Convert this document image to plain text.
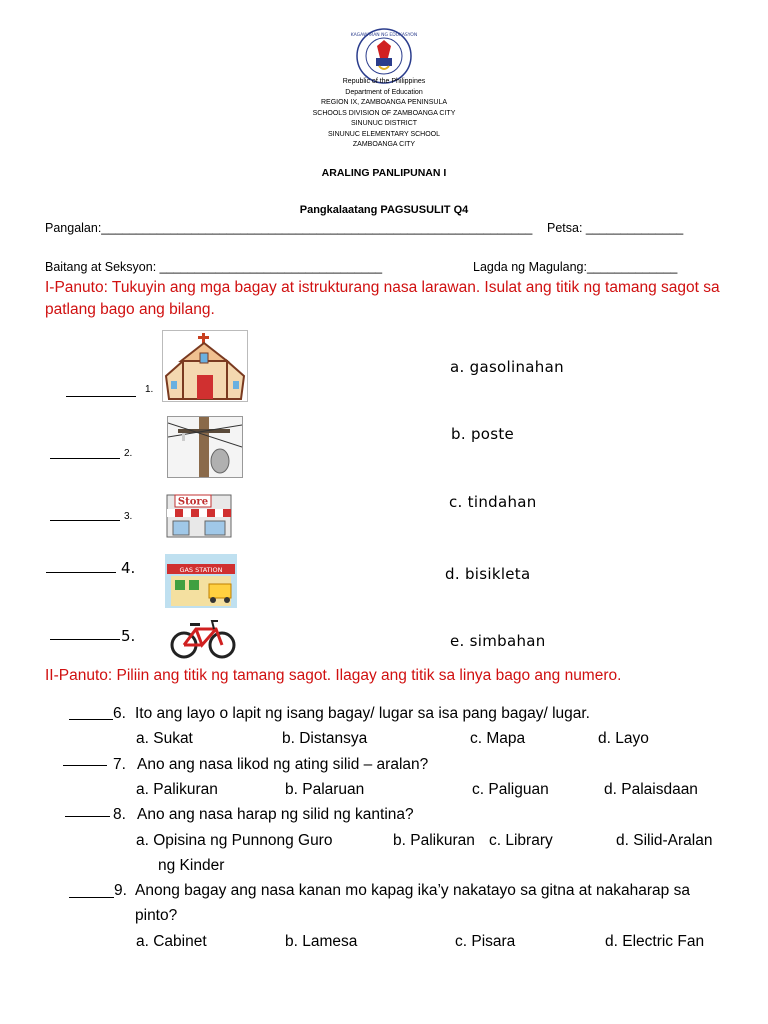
KAGAWARAN NG EDUKASYON
Republic of the Philippines
Department of Education
REGION IX, ZAMBOANGA PENINSULA
SCHOOLS DIVISION OF ZAMBOANGA CITY
SINUNUC DISTRICT
SINUNUC ELEMENTARY SCHOOL
ZAMBOANGA CITY
ARALING PANLIPUNAN I
Pangkalaatang PAGSUSULIT Q4
Pangalan:______________________________________________________________ Petsa: ______________
Baitang at Seksyon: ________________________________	Lagda ng Magulang:_____________
I-Panuto: Tukuyin ang mga bagay at istrukturang nasa larawan. Isulat ang titik ng tamang sagot sa patlang bago ang bilang.
1.
2.
3.
Store
4.	GAS STATION
5.
a. gasolinahan
b. poste
c. tindahan
d. bisikleta
e. simbahan
II-Panuto: Piliin ang titik ng tamang sagot. Ilagay ang titik sa linya bago ang numero.
6. Ito ang layo o lapit ng isang bagay/ lugar sa isa pang bagay/ lugar.
a. Sukat	b. Distansya	c. Mapa	d. Layo
7. Ano ang nasa likod ng ating silid – aralan?
a. Palikuran	b. Palaruan	c. Paliguan	d. Palaisdaan
8. Ano ang nasa harap ng silid ng kantina?
a. Opisina ng Punnong Guro	b. Palikuran c. Library	d. Silid-Aralan
ng Kinder
9. Anong bagay ang nasa kanan mo kapag ika’y nakatayo sa gitna at nakaharap sa
pinto?
a. Cabinet	b. Lamesa	c. Pisara	d. Electric Fan
